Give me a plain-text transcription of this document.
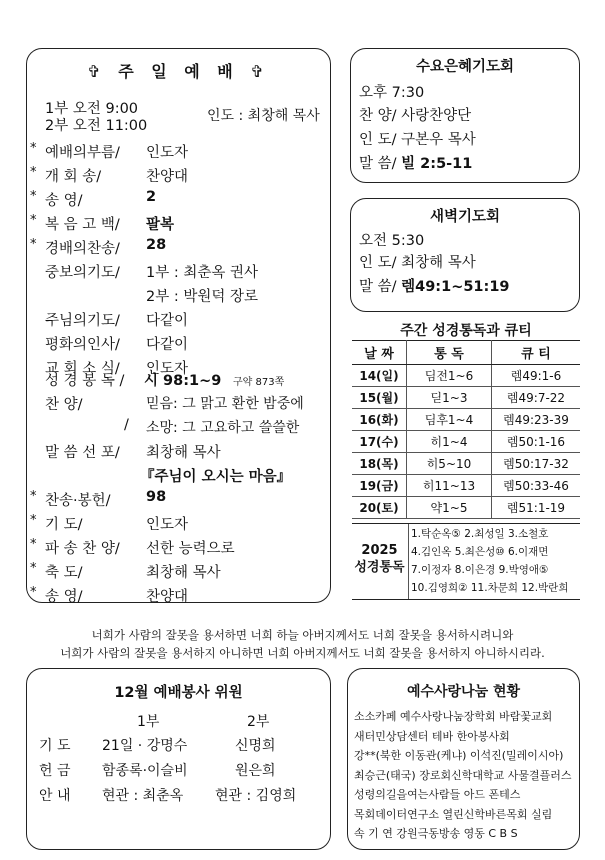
✞ 주 일 예 배 ✞
1부 오전 9:00
2부 오전 11:00
인도 : 최창해 목사
* 예배의부름/ 인도자
* 개 회 송/	찬양대
* 송 영/	2
* 복 음 고 백/ 팔복
* 경배의찬송/ 28
중보의기도/ 1부 : 최춘옥 권사
2부 : 박원덕 장로
주님의기도/ 다같이
평화의인사/ 다같이
교 회 소 식/ 인도자
성 경 봉 독 / 시 98:1~9 구약 873쪽
찬 양/	믿음: 그 맑고 환한 밤중에
/ 소망: 그 고요하고 쓸쓸한
말 씀 선 포/ 최창해 목사
『주님이 오시는 마음』
* 찬송·봉헌/ 98
* 기 도/	인도자
* 파 송 찬 양/ 선한 능력으로
* 축 도/	최창해 목사
* 송 영/	찬양대
수요은혜기도회
오후 7:30
찬 양/ 사랑찬양단
인 도/ 구본우 목사
말 씀/ 빌 2:5-11
새벽기도회
오전 5:30
인 도/ 최창해 목사
말 씀/ 렘49:1~51:19
주간 성경통독과 큐티
날 짜	통 독	큐 티
14(일)	딤전1~6	렘49:1-6
15(월)	딛1~3	렘49:7-22
16(화)	딤후1~4	렘49:23-39
17(수)	히1~4	렘50:1-16
18(목)	히5~10	렘50:17-32
19(금)	히11~13	렘50:33-46
20(토)	약1~5	렘51:1-19
2025
성경통독
1.탁순옥⑤ 2.최성일 3.소철호
4.김인옥 5.최은성⑩ 6.이재면
7.이정자 8.이은경 9.박영애⑤
10.김영희② 11.차문희 12.박란희
너희가 사람의 잘못을 용서하면 너희 하늘 아버지께서도 너희 잘못을 용서하시려니와
너희가 사람의 잘못을 용서하지 아니하면 너희 아버지께서도 너희 잘못을 용서하지 아니하시리라.
12월 예배봉사 위원
1부	2부
기 도 21일 · 강명수	신명희
헌 금 함종록·이슬비	원은희
안 내 현관 : 최춘옥 현관 : 김영희
예수사랑나눔 현황
소소카페 예수사랑나눔장학회 바람꽃교회
새터민상담센터 테바 한아봉사회
강**(북한 이동관(케냐) 이석진(밀레이시아)
최승근(태국) 장로회신학대학교 사물결플러스
성령의길을여는사람들 아드 폰테스
목회데이터연구소 열린신학바른목회 실림
속 기 연 강원극동방송 영동 C B S
